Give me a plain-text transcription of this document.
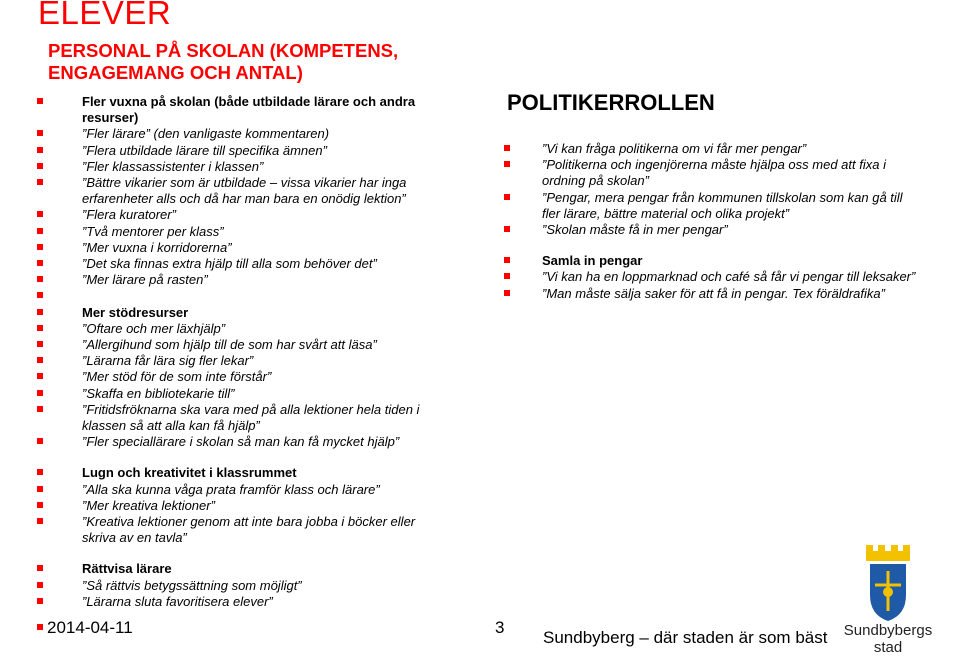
ELEVER
PERSONAL PÅ SKOLAN (KOMPETENS, ENGAGEMANG OCH ANTAL)
POLITIKERROLLEN
Fler vuxna på skolan (både utbildade lärare och andra resurser)
”Fler lärare” (den vanligaste kommentaren)
”Flera utbildade lärare till specifika ämnen”
”Fler klassassistenter i klassen”
”Bättre vikarier som är utbildade – vissa vikarier har inga erfarenheter alls och då har man bara en onödig lektion”
”Flera kuratorer”
”Två mentorer per klass”
”Mer vuxna i korridorerna”
”Det ska finnas extra hjälp till alla som behöver det”
”Mer lärare på rasten”
Mer stödresurser
”Oftare och mer läxhjälp”
”Allergihund som hjälp till de som har svårt att läsa”
”Lärarna får lära sig fler lekar”
”Mer stöd för de som inte förstår”
”Skaffa en bibliotekarie till”
”Fritidsfröknarna ska vara med på alla lektioner hela tiden i klassen så att alla kan få hjälp”
”Fler speciallärare i skolan så man kan få mycket hjälp”
Lugn och kreativitet i klassrummet
”Alla ska kunna våga prata framför klass och lärare”
”Mer kreativa lektioner”
”Kreativa lektioner genom att inte bara jobba i böcker eller skriva av en tavla”
Rättvisa lärare
”Så rättvis betygssättning som möjligt”
”Lärarna sluta favoritisera elever”
”Vi kan fråga politikerna om vi får mer pengar”
”Politikerna och ingenjörerna måste hjälpa oss med att fixa i ordning på skolan”
”Pengar, mera pengar från kommunen tillskolan som kan gå till fler lärare, bättre material och olika projekt”
”Skolan måste få in mer pengar”
Samla in pengar
”Vi kan ha en loppmarknad och café så får vi pengar till leksaker”
”Man måste sälja saker för att få in pengar. Tex föräldrafika”
2014-04-11	3
Sundbyberg – där staden är som bäst	Sundbybergs
stad
